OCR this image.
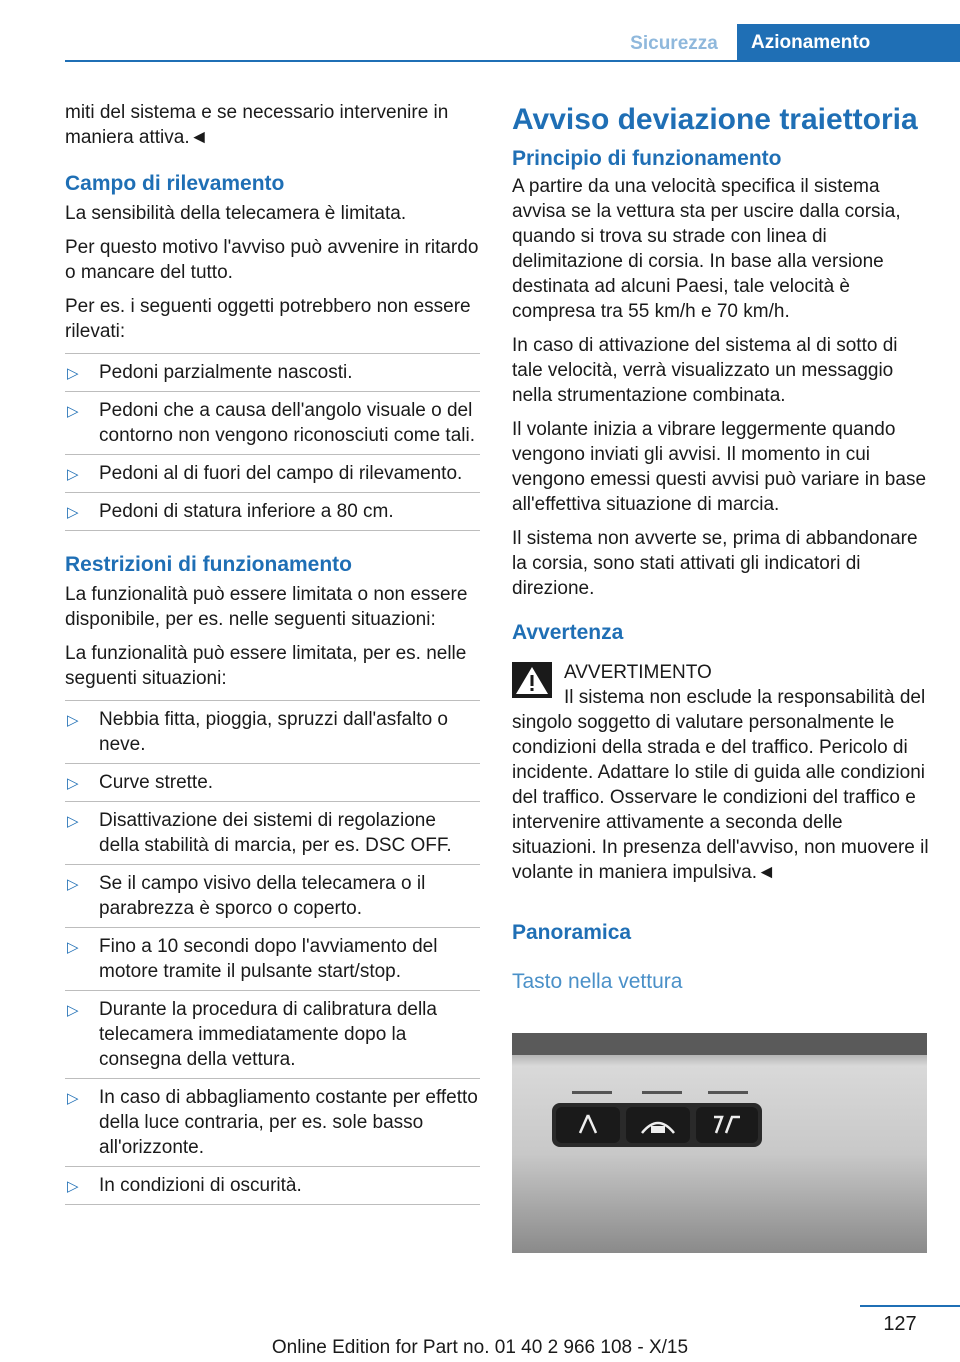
Sicurezza	Azionamento

miti del sistema e se necessario intervenire in maniera attiva.◄

Campo di rilevamento

La sensibilità della telecamera è limitata.

Per questo motivo l'avviso può avvenire in ritardo o mancare del tutto.

Per es. i seguenti oggetti potrebbero non essere rilevati:

▷ Pedoni parzialmente nascosti.
▷ Pedoni che a causa dell'angolo visuale o del contorno non vengono riconosciuti come tali.
▷ Pedoni al di fuori del campo di rilevamento.
▷ Pedoni di statura inferiore a 80 cm.
Restrizioni di funzionamento

La funzionalità può essere limitata o non essere disponibile, per es. nelle seguenti situazioni:

La funzionalità può essere limitata, per es. nelle seguenti situazioni:

▷ Nebbia fitta, pioggia, spruzzi dall'asfalto o neve.
▷ Curve strette.
▷ Disattivazione dei sistemi di regolazione della stabilità di marcia, per es. DSC OFF.
▷ Se il campo visivo della telecamera o il parabrezza è sporco o coperto.
▷ Fino a 10 secondi dopo l'avviamento del motore tramite il pulsante start/stop.
▷ Durante la procedura di calibratura della telecamera immediatamente dopo la consegna della vettura.
▷ In caso di abbagliamento costante per effetto della luce contraria, per es. sole basso all'orizzonte.
▷ In condizioni di oscurità.
Avviso deviazione traiettoria
Principio di funzionamento

A partire da una velocità specifica il sistema avvisa se la vettura sta per uscire dalla corsia, quando si trova su strade con linea di delimitazione di corsia. In base alla versione destinata ad alcuni Paesi, tale velocità è compresa tra 55 km/h e 70 km/h.

In caso di attivazione del sistema al di sotto di tale velocità, verrà visualizzato un messaggio nella strumentazione combinata.

Il volante inizia a vibrare leggermente quando vengono inviati gli avvisi. Il momento in cui vengono emessi questi avvisi può variare in base all'effettiva situazione di marcia.

Il sistema non avverte se, prima di abbandonare la corsia, sono stati attivati gli indicatori di direzione.

Avvertenza
AVVERTIMENTO

Il sistema non esclude la responsabilità del singolo soggetto di valutare personalmente le condizioni della strada e del traffico. Pericolo di incidente. Adattare lo stile di guida alle condizioni del traffico. Osservare le condizioni del traffico e intervenire attivamente a seconda delle situazioni. In presenza dell'avviso, non muovere il volante in maniera impulsiva.◄

Panoramica
Tasto nella vettura
127
Online Edition for Part no. 01 40 2 966 108 - X/15
